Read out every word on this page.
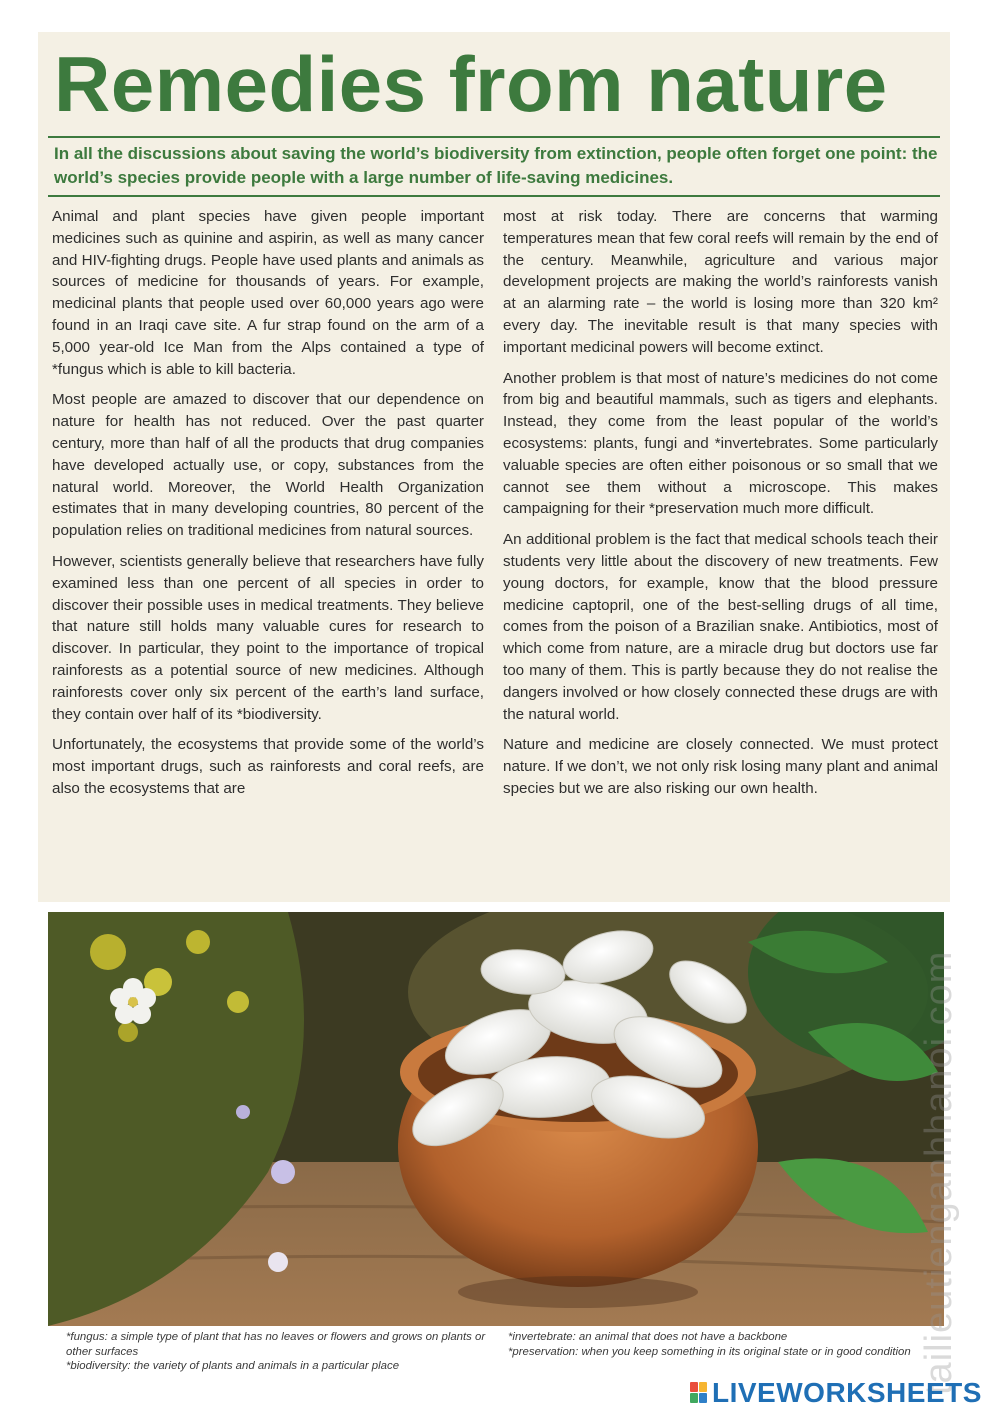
Remedies from nature

In all the discussions about saving the world’s biodiversity from extinction, people often forget one point: the world’s species provide people with a large number of life-saving medicines.

Animal and plant species have given people important medicines such as quinine and aspirin, as well as many cancer and HIV-fighting drugs. People have used plants and animals as sources of medicine for thousands of years. For example, medicinal plants that people used over 60,000 years ago were found in an Iraqi cave site. A fur strap found on the arm of a 5,000 year-old Ice Man from the Alps contained a type of *fungus which is able to kill bacteria.

Most people are amazed to discover that our dependence on nature for health has not reduced. Over the past quarter century, more than half of all the products that drug companies have developed actually use, or copy, substances from the natural world. Moreover, the World Health Organization estimates that in many developing countries, 80 percent of the population relies on traditional medicines from natural sources.

However, scientists generally believe that researchers have fully examined less than one percent of all species in order to discover their possible uses in medical treatments. They believe that nature still holds many valuable cures for research to discover. In particular, they point to the importance of tropical rainforests as a potential source of new medicines. Although rainforests cover only six percent of the earth’s land surface, they contain over half of its *biodiversity.

Unfortunately, the ecosystems that provide some of the world’s most important drugs, such as rainforests and coral reefs, are also the ecosystems that are

most at risk today. There are concerns that warming temperatures mean that few coral reefs will remain by the end of the century. Meanwhile, agriculture and various major development projects are making the world’s rainforests vanish at an alarming rate – the world is losing more than 320 km² every day. The inevitable result is that many species with important medicinal powers will become extinct.

Another problem is that most of nature’s medicines do not come from big and beautiful mammals, such as tigers and elephants. Instead, they come from the least popular of the world’s ecosystems: plants, fungi and *invertebrates. Some particularly valuable species are often either poisonous or so small that we cannot see them without a microscope. This makes campaigning for their *preservation much more difficult.

An additional problem is the fact that medical schools teach their students very little about the discovery of new treatments. Few young doctors, for example, know that the blood pressure medicine captopril, one of the best-selling drugs of all time, comes from the poison of a Brazilian snake. Antibiotics, most of which come from nature, are a miracle drug but doctors use far too many of them. This is partly because they do not realise the dangers involved or how closely connected these drugs are with the natural world.

Nature and medicine are closely connected. We must protect nature. If we don’t, we not only risk losing many plant and animal species but we are also risking our own health.

*fungus: a simple type of plant that has no leaves or flowers and grows on plants or other surfaces

*biodiversity: the variety of plants and animals in a particular place

*invertebrate: an animal that does not have a backbone

*preservation: when you keep something in its original state or in good condition tailieutienganhhanoi.com
LIVEWORKSHEETS
